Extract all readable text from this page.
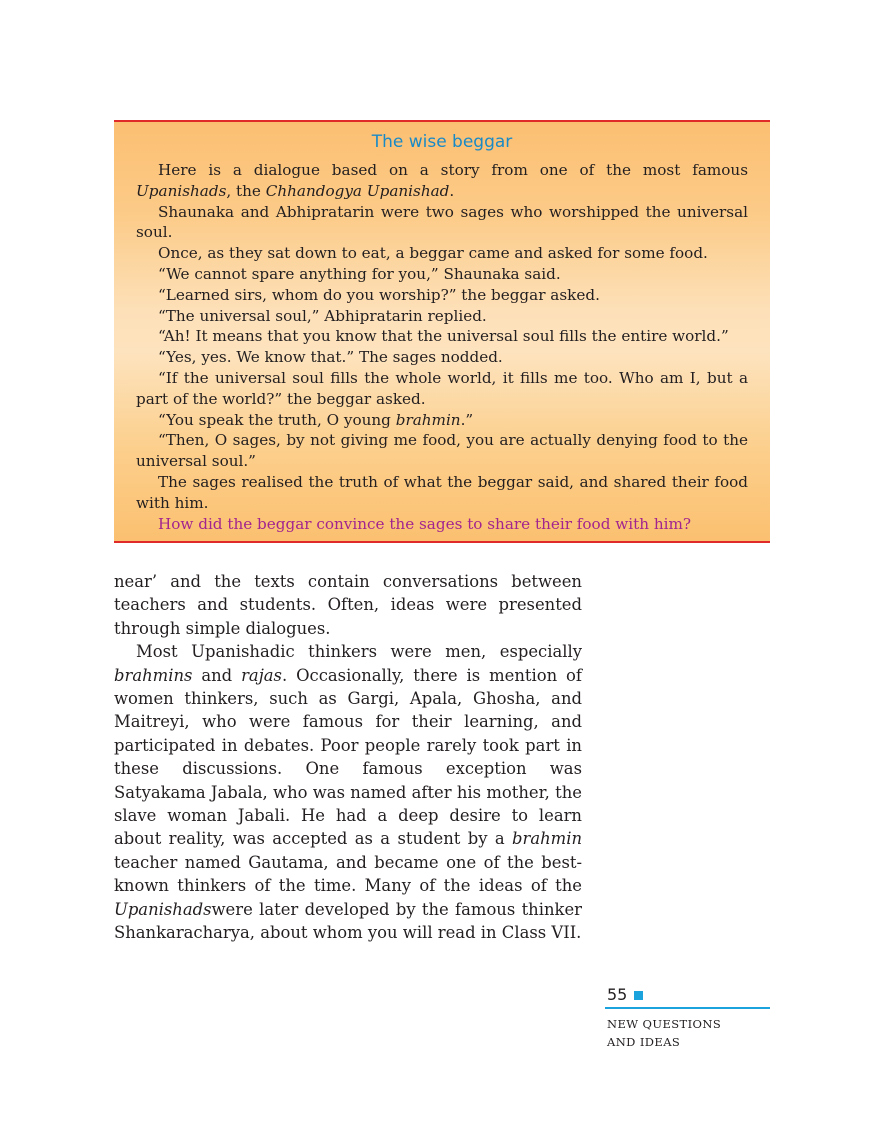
The wise beggar

Here is a dialogue based on a story from one of the most famous Upanishads, the Chhandogya Upanishad.

Shaunaka and Abhipratarin were two sages who worshipped the universal soul.

Once, as they sat down to eat, a beggar came and asked for some food.

“We cannot spare anything for you,” Shaunaka said.

“Learned sirs, whom do you worship?” the beggar asked.

“The universal soul,” Abhipratarin replied.

“Ah! It means that you know that the universal soul fills the entire world.”

“Yes, yes. We know that.” The sages nodded.

“If the universal soul fills the whole world, it fills me too. Who am I, but a part of the world?” the beggar asked.

“You speak the truth, O young brahmin.”

“Then, O sages, by not giving me food, you are actually denying food to the universal soul.”

The sages realised the truth of what the beggar said, and shared their food with him.

How did the beggar convince the sages to share their food with him?

near’ and the texts contain conversations between teachers and students. Often, ideas were presented through simple dialogues.

Most Upanishadic thinkers were men, especially brahmins and rajas. Occasionally, there is mention of women thinkers, such as Gargi, Apala, Ghosha, and Maitreyi, who were famous for their learning, and participated in debates. Poor people rarely took part in these discussions. One famous exception was Satyakama Jabala, who was named after his mother, the slave woman Jabali. He had a deep desire to learn about reality, was accepted as a student by a brahmin teacher named Gautama, and became one of the best-known thinkers of the time. Many of the ideas of the Upanishadswere later developed by the famous thinker Shankaracharya, about whom you will read in Class VII.

55
NEW QUESTIONS
AND IDEAS
